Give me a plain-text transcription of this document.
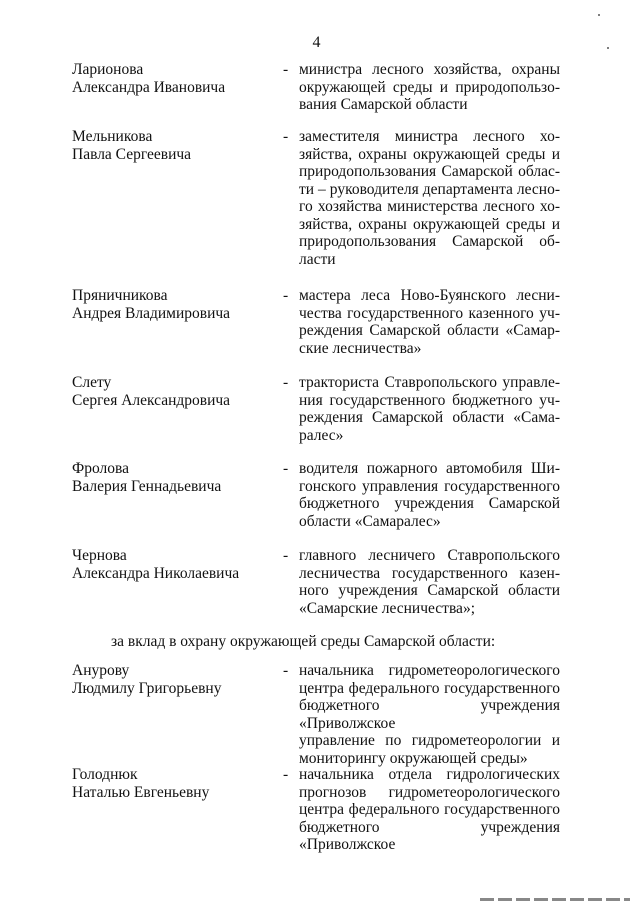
4
Ларионова
Александра Ивановича
- министра лесного хозяйства, охраны
окружающей среды и природопользо-
вания Самарской области
Мельникова
Павла Сергеевича
- заместителя министра лесного хо-
зяйства, охраны окружающей среды и
природопользования Самарской облас-
ти – руководителя департамента лесно-
го хозяйства министерства лесного хо-
зяйства, охраны окружающей среды и
природопользования Самарской об-
ласти
Пряничникова
Андрея Владимировича
- мастера леса Ново-Буянского лесни-
чества государственного казенного уч-
реждения Самарской области «Самар-
ские лесничества»
Слету
Сергея Александровича
- тракториста Ставропольского управле-
ния государственного бюджетного уч-
реждения Самарской области «Сама-
ралес»
Фролова
Валерия Геннадьевича
- водителя пожарного автомобиля Ши-
гонского управления государственного
бюджетного учреждения Самарской
области «Самаралес»
Чернова
Александра Николаевича
- главного лесничего Ставропольского
лесничества государственного казен-
ного учреждения Самарской области
«Самарские лесничества»;
Анурову
Людмилу Григорьевну
- начальника гидрометеорологического
центра федерального государственного
бюджетного учреждения «Приволжское
управление по гидрометеорологии и
мониторингу окружающей среды»
Голоднюк
Наталью Евгеньевну
- начальника отдела гидрологических
прогнозов гидрометеорологического
центра федерального государственного
бюджетного учреждения «Приволжское
за вклад в охрану окружающей среды Самарской области:
